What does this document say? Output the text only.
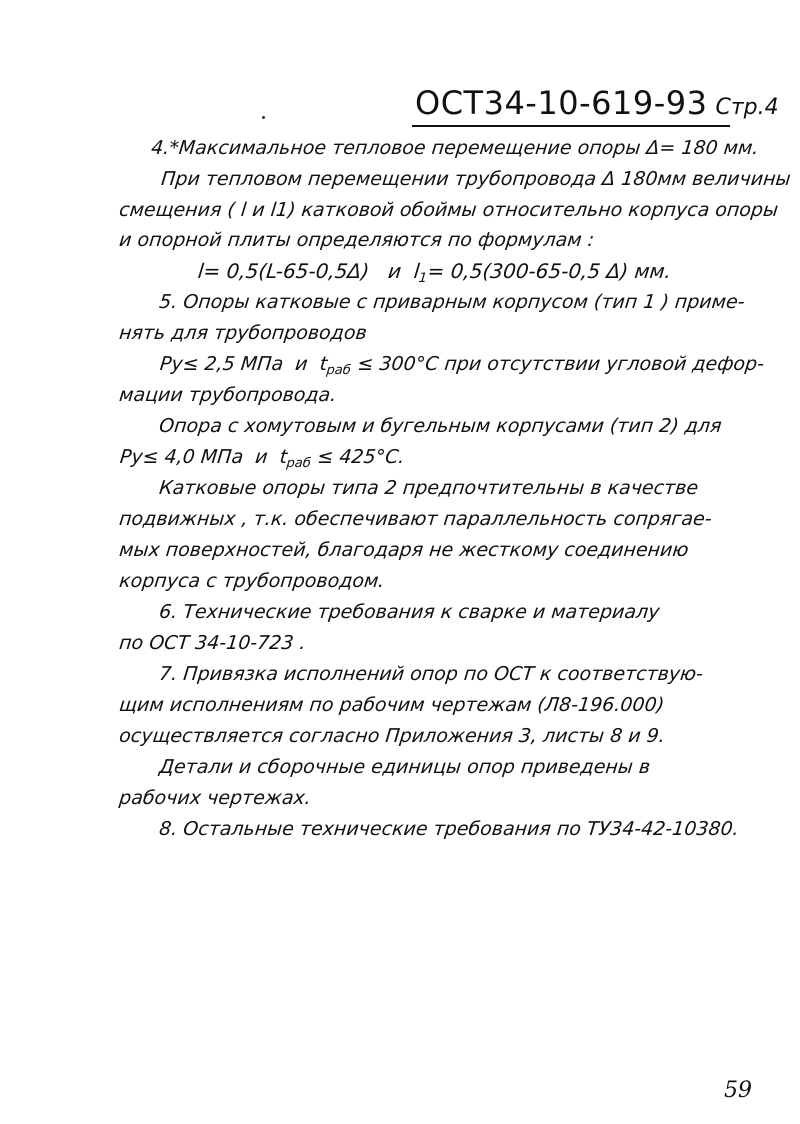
ОСТ34-10-619-93 Стр.4
4.*Максимальное тепловое перемещение опоры Δ= 180 мм.
При тепловом перемещении трубопровода Δ 180мм величины
смещения ( l и l1) катковой обоймы относительно корпуса опоры
и опорной плиты определяются по формулам :
l= 0,5(L-65-0,5Δ)   и  $l_1= 0,5(300-65-0,5$ Δ) мм.
5. Опоры катковые с приварным корпусом (тип 1 ) приме-
нять для трубопроводов
Ру≤ 2,5 МПа  и  $t_{раб} \le 300^\circ С$ при отсутствии угловой дефор-
мации трубопровода.
Опора с хомутовым и бугельным корпусами (тип 2) для
Ру≤ 4,0 МПа  и  $t_{раб} \le 425^\circ С$.
Катковые опоры типа 2 предпочтительны в качестве
подвижных , т.к. обеспечивают параллельность сопрягае-
мых поверхностей, благодаря не жесткому соединению
корпуса с трубопроводом.
6. Технические требования к сварке и материалу
по ОСТ 34-10-723 .
7. Привязка исполнений опор по ОСТ к соответствую-
щим исполнениям по рабочим чертежам (Л8-196.000)
осуществляется согласно Приложения 3, листы 8 и 9.
Детали и сборочные единицы опор приведены в
рабочих чертежах.
8. Остальные технические требования по ТУ34-42-10380.
59
